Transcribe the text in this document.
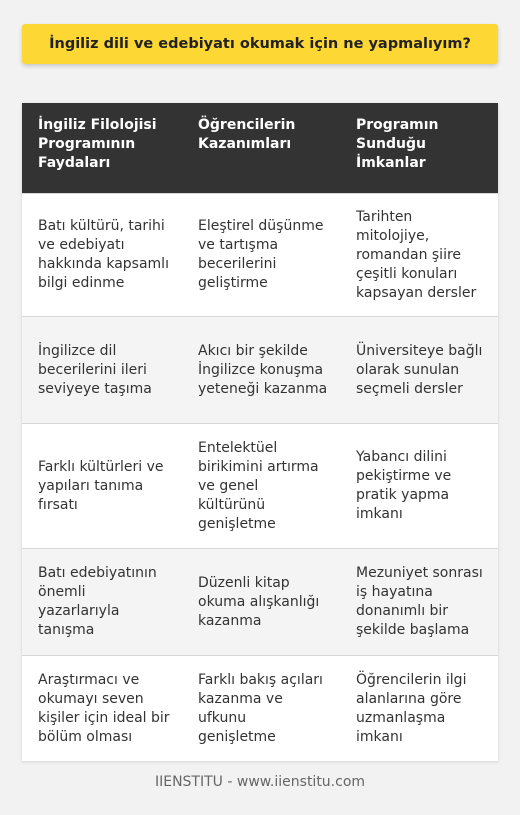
İngiliz dili ve edebiyatı okumak için ne yapmalıyım?
İngiliz Filolojisi Programının Faydaları
Öğrencilerin Kazanımları
Programın Sunduğu İmkanlar
Batı kültürü, tarihi ve edebiyatı hakkında kapsamlı bilgi edinme
Eleştirel düşünme ve tartışma becerilerini geliştirme
Tarihten mitolojiye, romandan şiire çeşitli konuları kapsayan dersler
İngilizce dil becerilerini ileri seviyeye taşıma
Akıcı bir şekilde İngilizce konuşma yeteneği kazanma
Üniversiteye bağlı olarak sunulan seçmeli dersler
Farklı kültürleri ve yapıları tanıma fırsatı
Entelektüel birikimini artırma ve genel kültürünü genişletme
Yabancı dilini pekiştirme ve pratik yapma imkanı
Batı edebiyatının önemli yazarlarıyla tanışma
Düzenli kitap okuma alışkanlığı kazanma
Mezuniyet sonrası iş hayatına donanımlı bir şekilde başlama
Araştırmacı ve okumayı seven kişiler için ideal bir bölüm olması
Farklı bakış açıları kazanma ve ufkunu genişletme
Öğrencilerin ilgi alanlarına göre uzmanlaşma imkanı
IIENSTITU - www.iienstitu.com
